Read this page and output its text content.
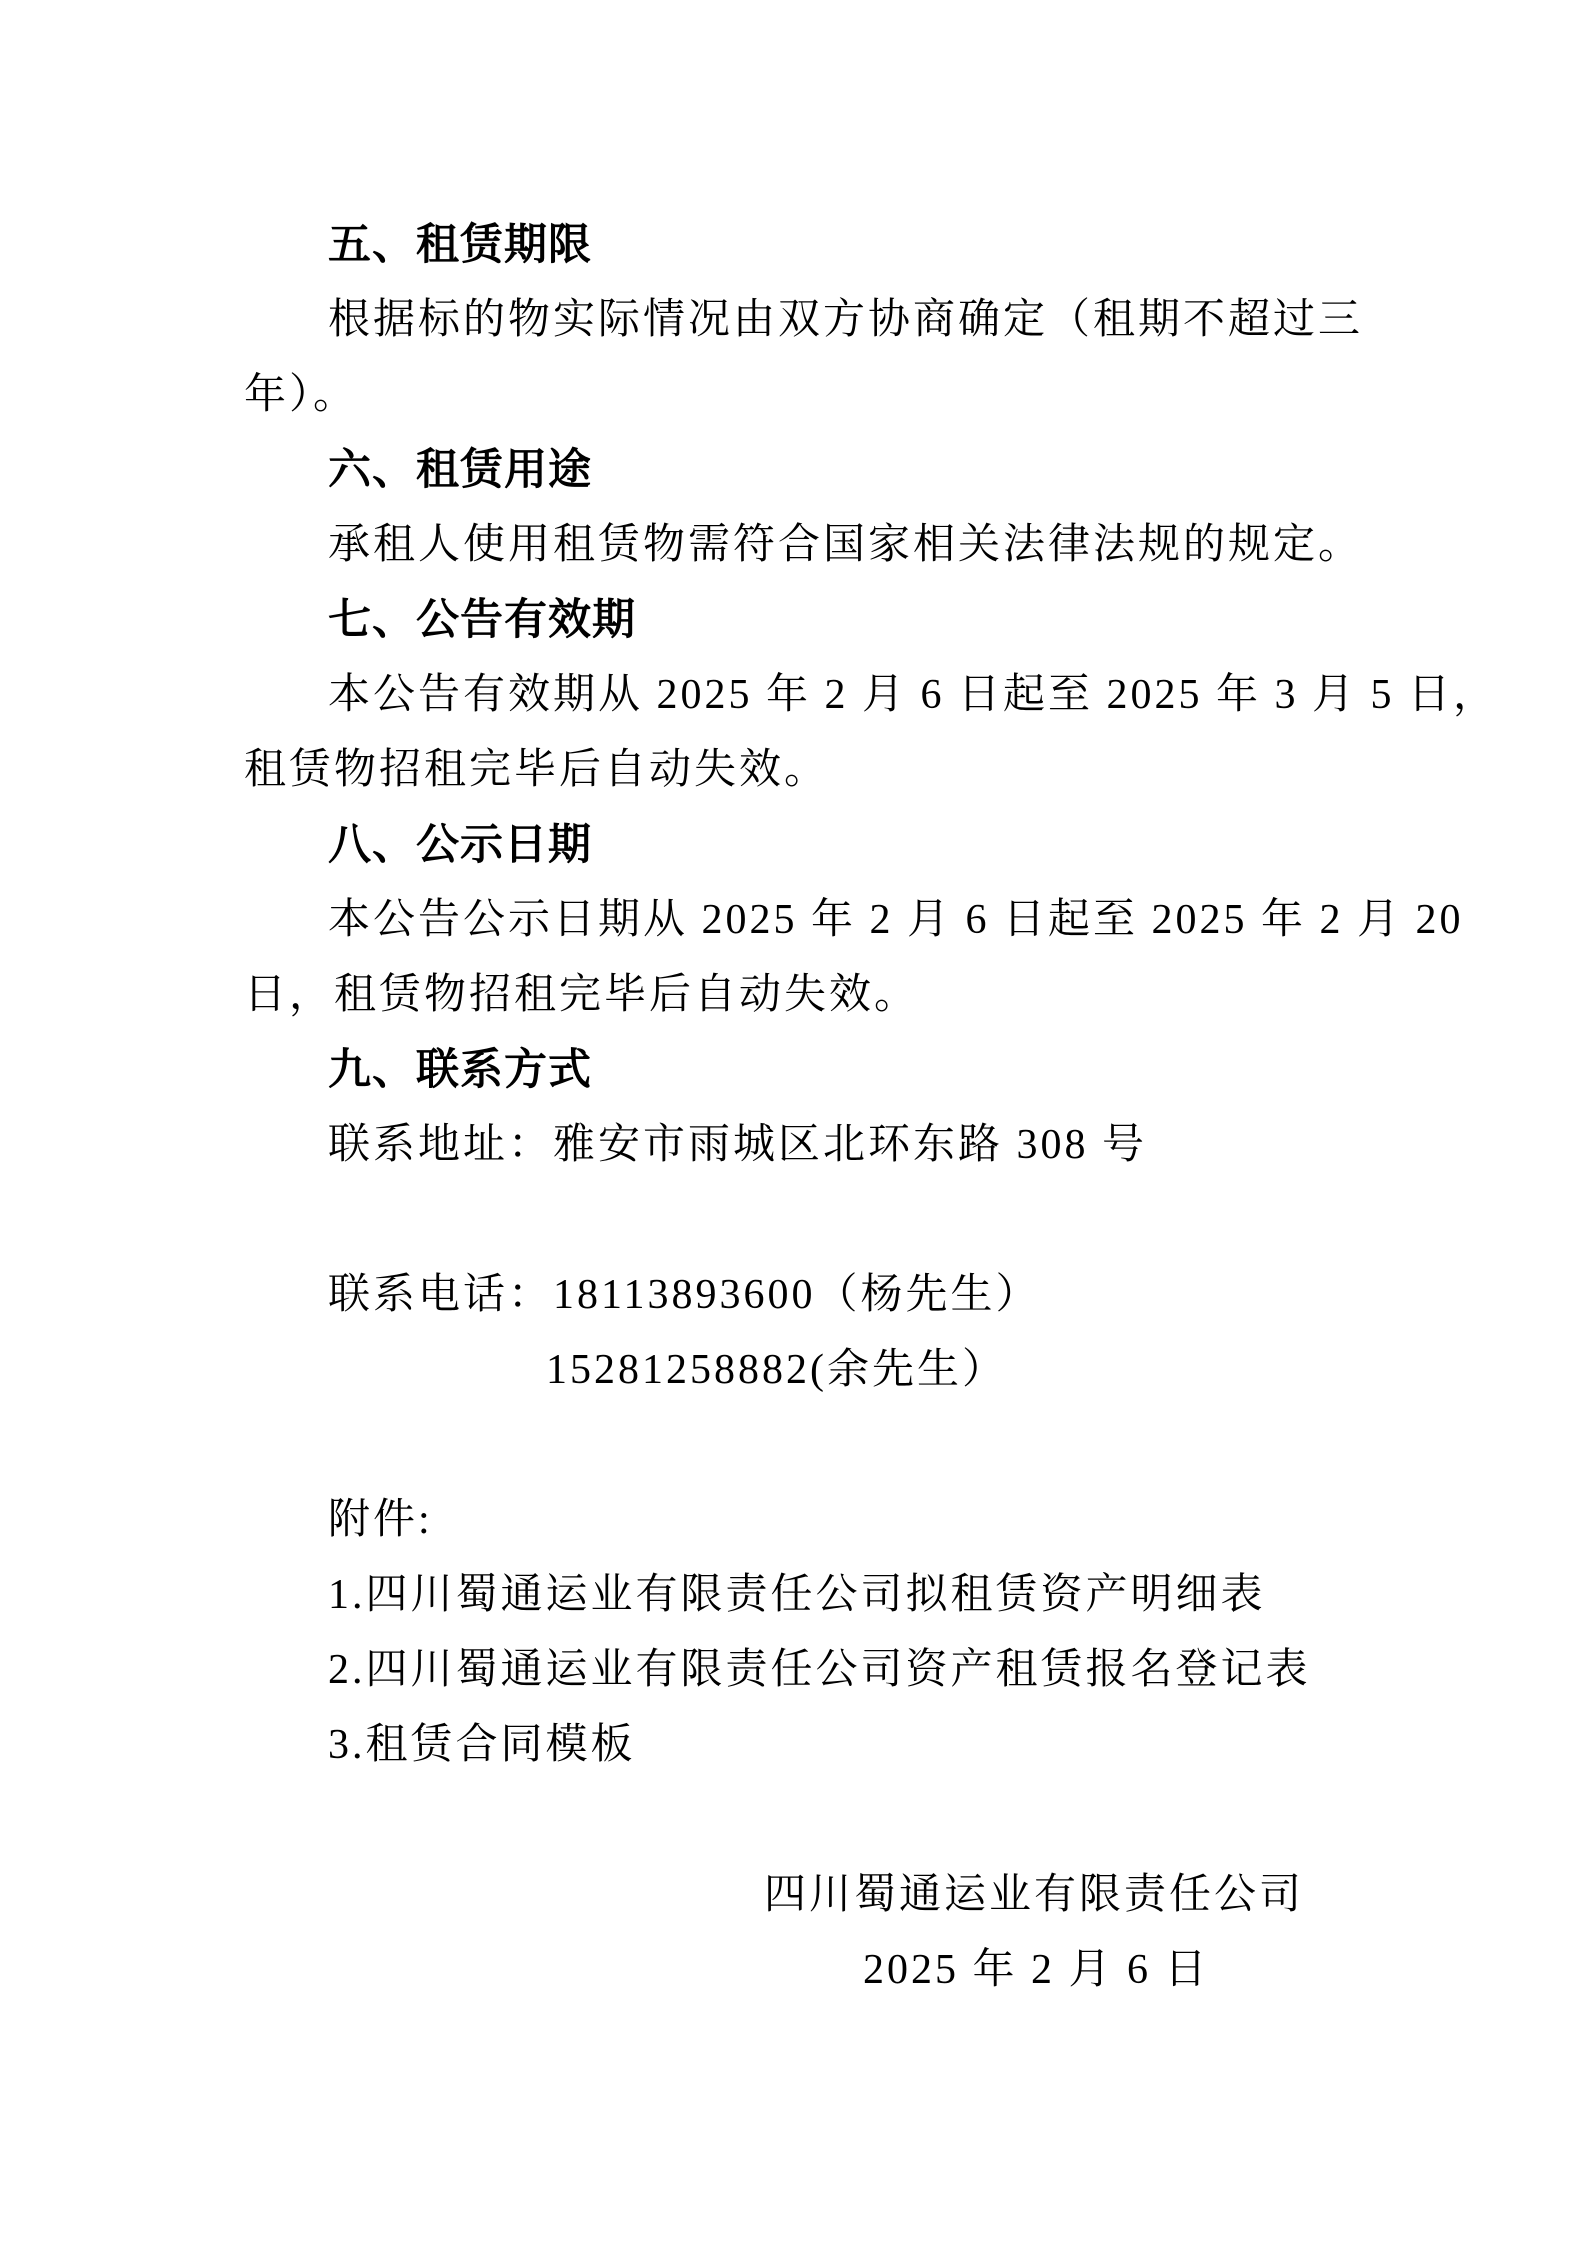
五、租赁期限
根据标的物实际情况由双方协商确定（租期不超过三
年）。
六、租赁用途
承租人使用租赁物需符合国家相关法律法规的规定。
七、公告有效期
本公告有效期从 2025 年 2 月 6 日起至 2025 年 3 月 5 日，
租赁物招租完毕后自动失效。
八、公示日期
本公告公示日期从 2025 年 2 月 6 日起至 2025 年 2 月 20
日，租赁物招租完毕后自动失效。
九、联系方式
联系地址：雅安市雨城区北环东路 308 号
联系电话：18113893600（杨先生）
15281258882(余先生）
附件:
1.四川蜀通运业有限责任公司拟租赁资产明细表
2.四川蜀通运业有限责任公司资产租赁报名登记表
3.租赁合同模板
四川蜀通运业有限责任公司
2025 年 2 月 6 日
